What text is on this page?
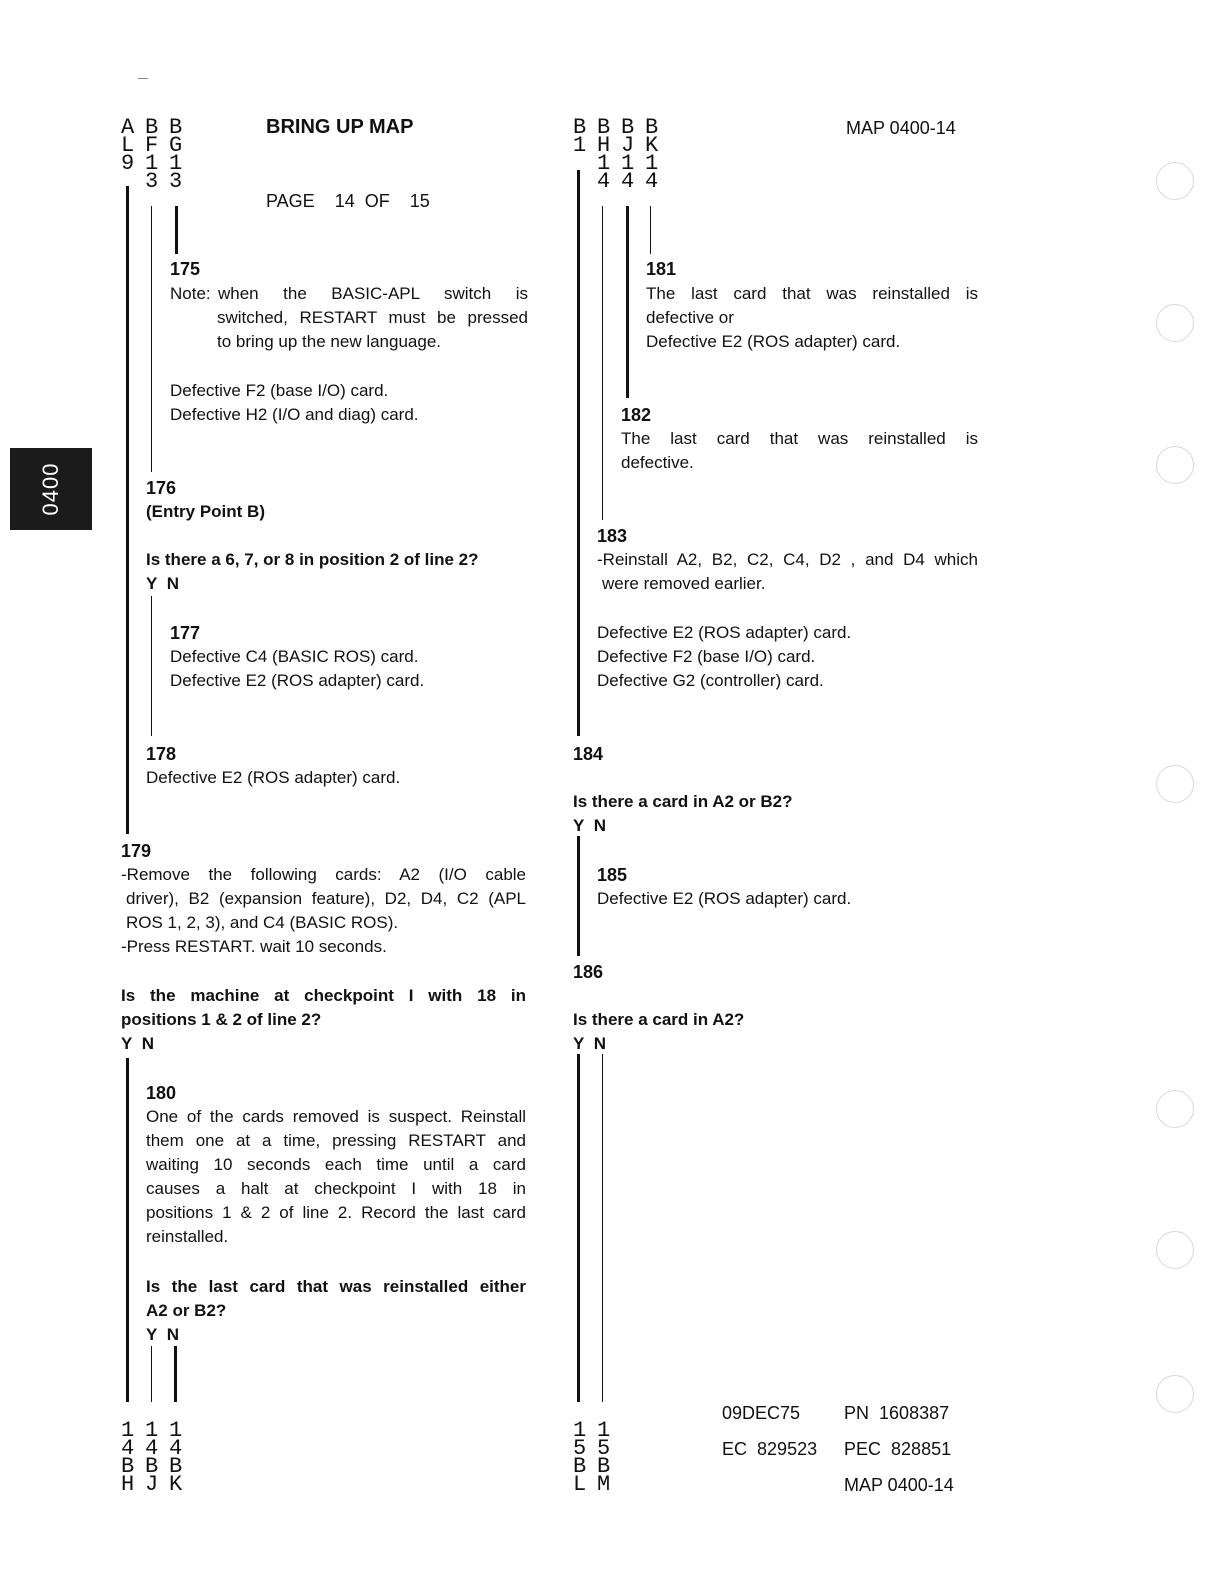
0400
BRING UP MAP	MAP 0400-14
PAGE 14 OF 15
A
L
9
B
F
1
3
B
G
1
3
B
1
B
H
1
4
B
J
1
4
B
K
1
4
175
Note: when the BASIC-APL switch is
switched, RESTART must be pressed
to bring up the new language.
Defective F2 (base I/O) card.
Defective H2 (I/O and diag) card.
176
(Entry Point B)
Is there a 6, 7, or 8 in position 2 of line 2?
Y N
177
Defective C4 (BASIC ROS) card.
Defective E2 (ROS adapter) card.
178
Defective E2 (ROS adapter) card.
179
-Remove the following cards: A2 (I/O cable
driver), B2 (expansion feature), D2, D4, C2 (APL
ROS 1, 2, 3), and C4 (BASIC ROS).
-Press RESTART. wait 10 seconds.
Is the machine at checkpoint I with 18 in
positions 1 & 2 of line 2?
Y N
180
One of the cards removed is suspect. Reinstall
them one at a time, pressing RESTART and
waiting 10 seconds each time until a card
causes a halt at checkpoint I with 18 in
positions 1 & 2 of line 2. Record the last card
reinstalled.
Is the last card that was reinstalled either
A2 or B2?
Y N
181
The last card that was reinstalled is
defective or
Defective E2 (ROS adapter) card.
182
The last card that was reinstalled is
defective.
183
-Reinstall A2, B2, C2, C4, D2 , and D4 which
were removed earlier.
Defective E2 (ROS adapter) card.
Defective F2 (base I/O) card.
Defective G2 (controller) card.
184
Is there a card in A2 or B2?
Y N
185
Defective E2 (ROS adapter) card.
186
Is there a card in A2?
Y N
1
4
B
H
1
4
B
J
1
4
B
K
1
5
B
L
1
5
B
M
09DEC75 PN 1608387
EC 829523 PEC 828851
MAP 0400-14
